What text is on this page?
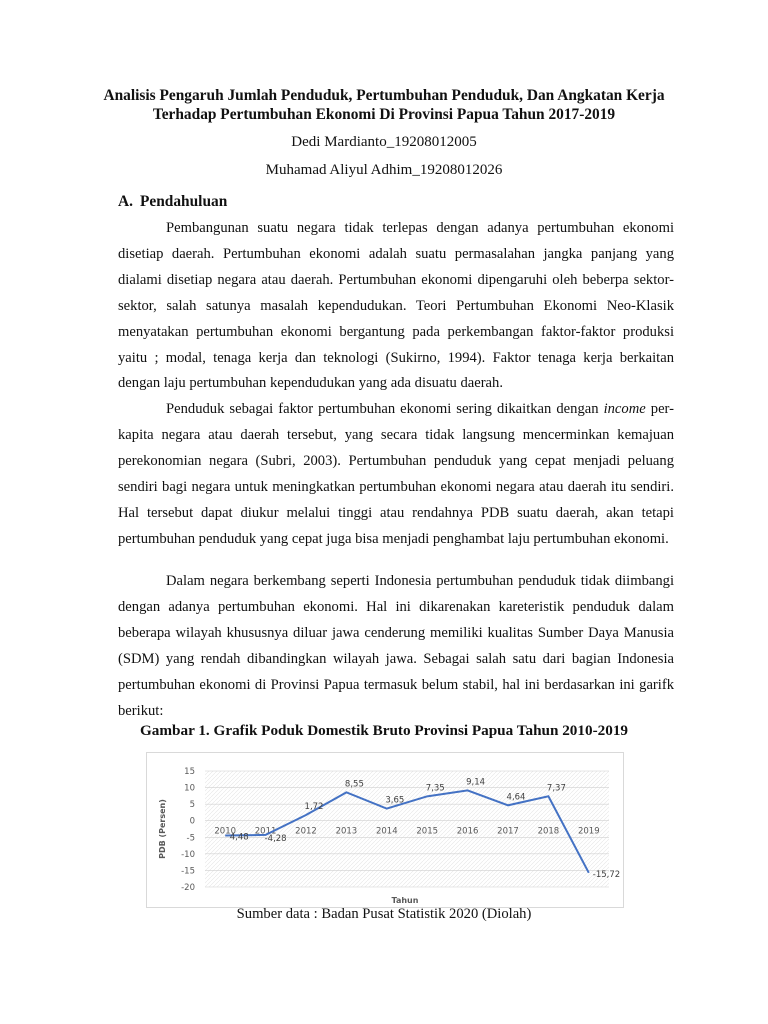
Analisis Pengaruh Jumlah Penduduk, Pertumbuhan Penduduk, Dan Angkatan Kerja
Terhadap Pertumbuhan Ekonomi Di Provinsi Papua Tahun 2017-2019
Dedi Mardianto_19208012005
Muhamad Aliyul Adhim_19208012026
A. Pendahuluan

Pembangunan suatu negara tidak terlepas dengan adanya pertumbuhan ekonomi disetiap daerah. Pertumbuhan ekonomi adalah suatu permasalahan jangka panjang yang dialami disetiap negara atau daerah. Pertumbuhan ekonomi dipengaruhi oleh beberpa sektor-sektor, salah satunya masalah kependudukan. Teori Pertumbuhan Ekonomi Neo-Klasik menyatakan pertumbuhan ekonomi bergantung pada perkembangan faktor-faktor produksi yaitu ; modal, tenaga kerja dan teknologi (Sukirno, 1994). Faktor tenaga kerja berkaitan dengan laju pertumbuhan kependudukan yang ada disuatu daerah.

Penduduk sebagai faktor pertumbuhan ekonomi sering dikaitkan dengan income per-kapita negara atau daerah tersebut, yang secara tidak langsung mencerminkan kemajuan perekonomian negara (Subri, 2003). Pertumbuhan penduduk yang cepat menjadi peluang sendiri bagi negara untuk meningkatkan pertumbuhan ekonomi negara atau daerah itu sendiri. Hal tersebut dapat diukur melalui tinggi atau rendahnya PDB suatu daerah, akan tetapi pertumbuhan penduduk yang cepat juga bisa menjadi penghambat laju pertumbuhan ekonomi.

Dalam negara berkembang seperti Indonesia pertumbuhan penduduk tidak diimbangi dengan adanya pertumbuhan ekonomi. Hal ini dikarenakan kareteristik penduduk dalam beberapa wilayah khususnya diluar jawa cenderung memiliki kualitas Sumber Daya Manusia (SDM) yang rendah dibandingkan wilayah jawa. Sebagai salah satu dari bagian Indonesia pertumbuhan ekonomi di Provinsi Papua termasuk belum stabil, hal ini berdasarkan ini garifk berikut:

Gambar 1. Grafik Poduk Domestik Bruto Provinsi Papua Tahun 2010-2019
15
10
5
0
-5
-10
-15
-20
2010 2011 2012 2013 2014 2015 2016 2017 2018 2019
4,48 -4,28
1,72
8,55
3,65
7,35
9,14
4,64
7,37
-15,72
PDB (Persen)
Tahun
Sumber data : Badan Pusat Statistik 2020 (Diolah)
